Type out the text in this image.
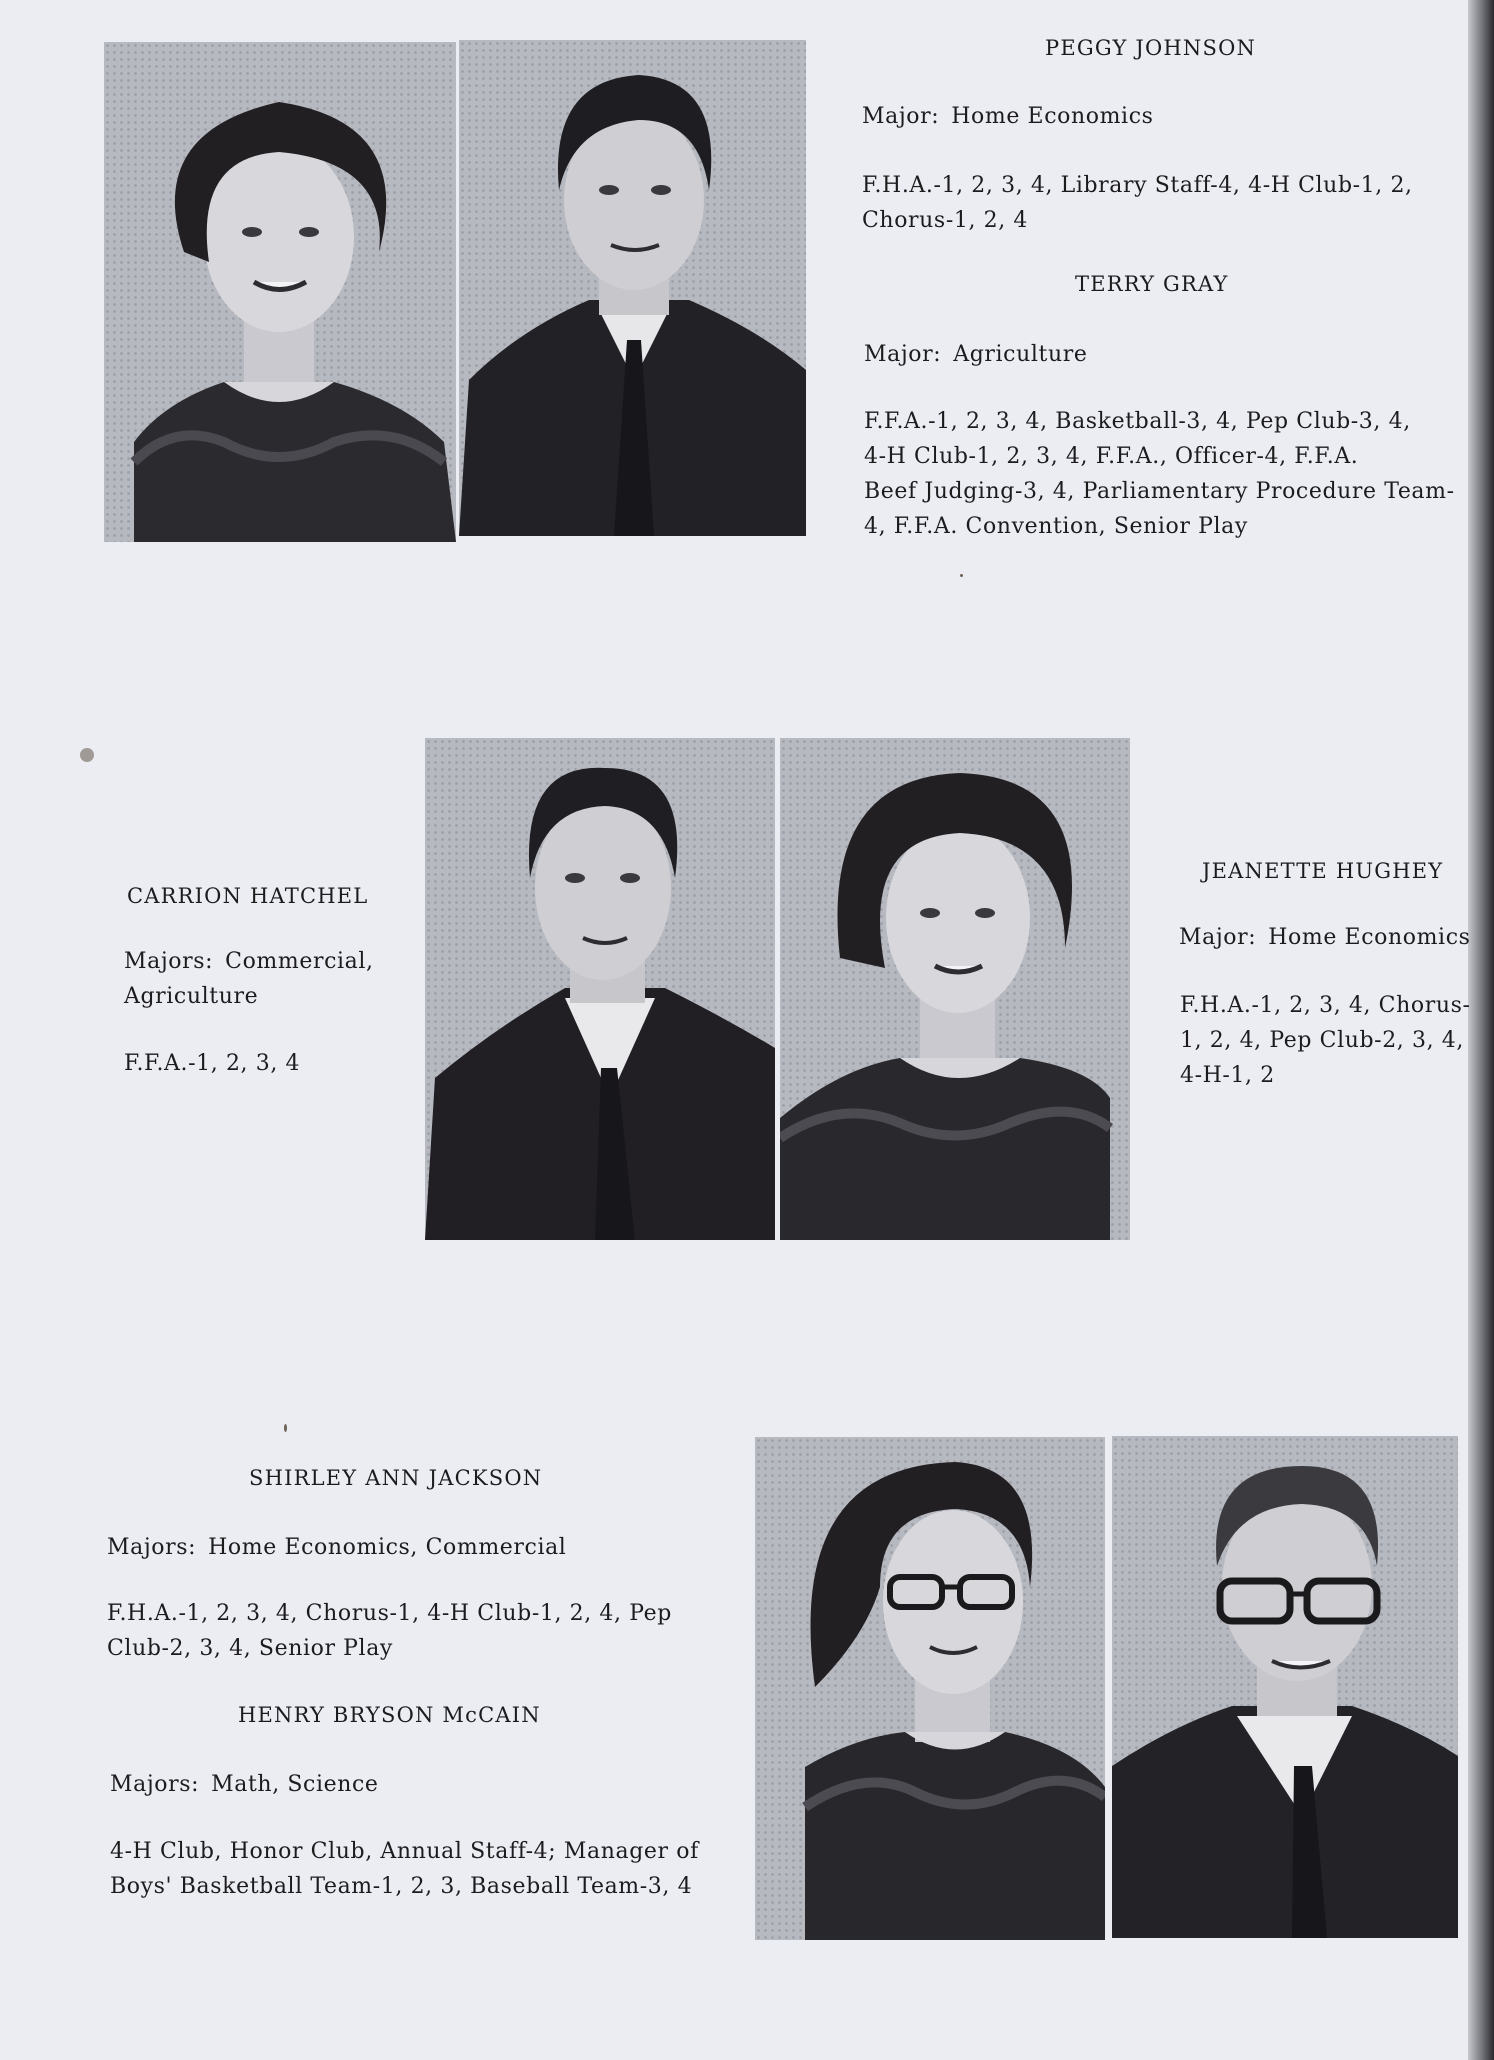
PEGGY JOHNSON
Major: Home Economics
F.H.A.-1, 2, 3, 4, Library Staff-4, 4-H Club-1, 2,
Chorus-1, 2, 4
TERRY GRAY
Major: Agriculture
F.F.A.-1, 2, 3, 4, Basketball-3, 4, Pep Club-3, 4,
4-H Club-1, 2, 3, 4, F.F.A., Officer-4, F.F.A.
Beef Judging-3, 4, Parliamentary Procedure Team-
4, F.F.A. Convention, Senior Play
CARRION HATCHEL
Majors: Commercial,
Agriculture
F.F.A.-1, 2, 3, 4
JEANETTE HUGHEY
Major: Home Economics
F.H.A.-1, 2, 3, 4, Chorus-
1, 2, 4, Pep Club-2, 3, 4,
4-H-1, 2
SHIRLEY ANN JACKSON
Majors: Home Economics, Commercial
F.H.A.-1, 2, 3, 4, Chorus-1, 4-H Club-1, 2, 4, Pep
Club-2, 3, 4, Senior Play
HENRY BRYSON McCAIN
Majors: Math, Science
4-H Club, Honor Club, Annual Staff-4; Manager of
Boys' Basketball Team-1, 2, 3, Baseball Team-3, 4
